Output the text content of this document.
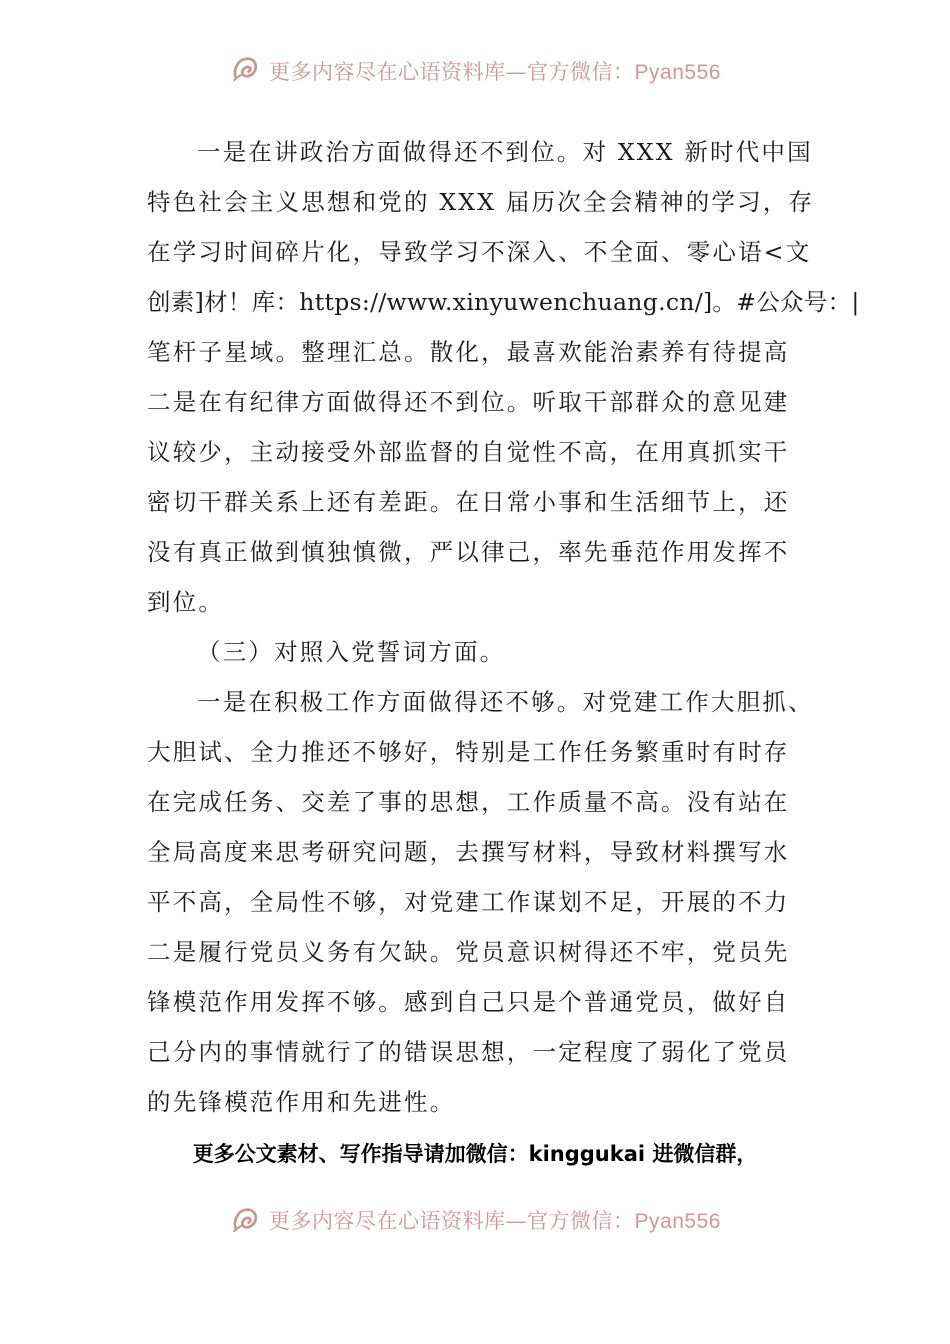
更多内容尽在心语资料库—官方微信：Pyan556
一是在讲政治方面做得还不到位。对 XXX 新时代中国
特色社会主义思想和党的 XXX 届历次全会精神的学习，存
在学习时间碎片化，导致学习不深入、不全面、零心语<文
创素]材！库：https://www.xinyuwenchuang.cn/]。#公众号：|
笔杆子星域。整理汇总。散化，最喜欢能治素养有待提高
二是在有纪律方面做得还不到位。听取干部群众的意见建
议较少，主动接受外部监督的自觉性不高，在用真抓实干
密切干群关系上还有差距。在日常小事和生活细节上，还
没有真正做到慎独慎微，严以律己，率先垂范作用发挥不
到位。
（三）对照入党誓词方面。
一是在积极工作方面做得还不够。对党建工作大胆抓、
大胆试、全力推还不够好，特别是工作任务繁重时有时存
在完成任务、交差了事的思想，工作质量不高。没有站在
全局高度来思考研究问题，去撰写材料，导致材料撰写水
平不高，全局性不够，对党建工作谋划不足，开展的不力
二是履行党员义务有欠缺。党员意识树得还不牢，党员先
锋模范作用发挥不够。感到自己只是个普通党员，做好自
己分内的事情就行了的错误思想，一定程度了弱化了党员
的先锋模范作用和先进性。
更多公文素材、写作指导请加微信：kinggukai 进微信群，
更多内容尽在心语资料库—官方微信：Pyan556
